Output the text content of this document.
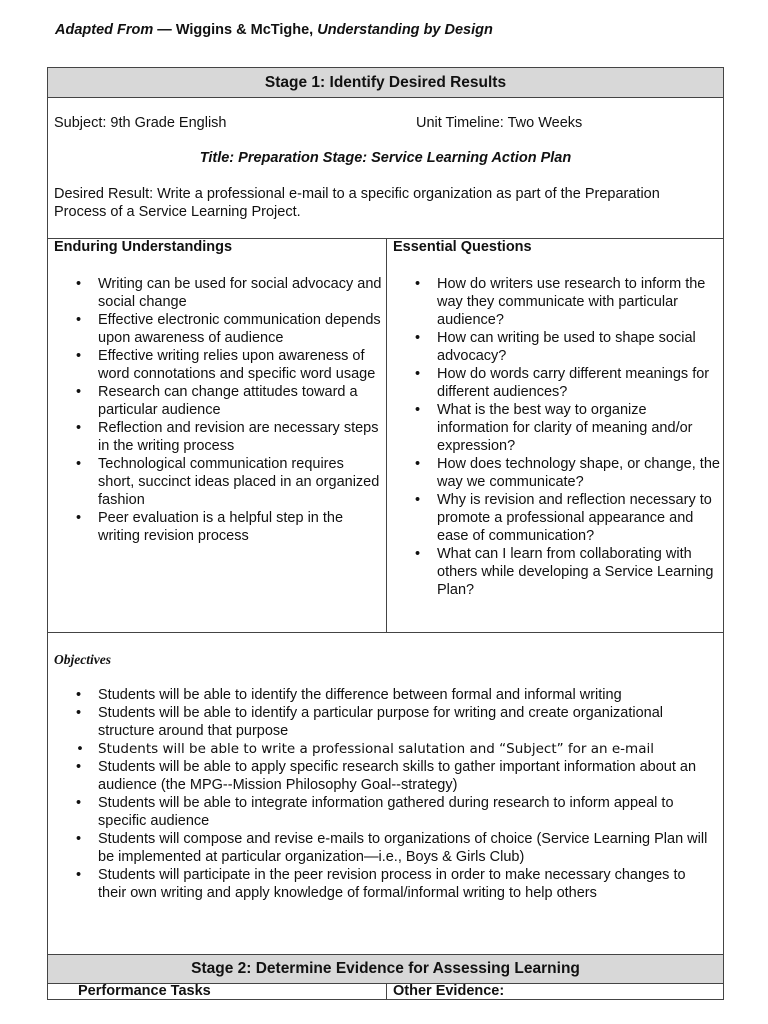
Adapted From — Wiggins & McTighe, Understanding by Design
Stage 1: Identify Desired Results
Subject: 9th Grade English	Unit Timeline: Two Weeks
Title: Preparation Stage: Service Learning Action Plan
Desired Result: Write a professional e-mail to a specific organization as part of the Preparation
Process of a Service Learning Project.
Enduring Understandings
• Writing can be used for social advocacy and social change
• Effective electronic communication depends upon awareness of audience
• Effective writing relies upon awareness of word connotations and specific word usage
• Research can change attitudes toward a particular audience
• Reflection and revision are necessary steps in the writing process
• Technological communication requires short, succinct ideas placed in an organized fashion
• Peer evaluation is a helpful step in the writing revision process
Essential Questions
• How do writers use research to inform the way they communicate with particular audience?
• How can writing be used to shape social advocacy?
• How do words carry different meanings for different audiences?
• What is the best way to organize information for clarity of meaning and/or expression?
• How does technology shape, or change, the way we communicate?
• Why is revision and reflection necessary to promote a professional appearance and ease of communication?
• What can I learn from collaborating with others while developing a Service Learning Plan?
Objectives
• Students will be able to identify the difference between formal and informal writing
• Students will be able to identify a particular purpose for writing and create organizational structure around that purpose
• Students will be able to write a professional salutation and “Subject” for an e-mail
• Students will be able to apply specific research skills to gather important information about an audience (the MPG--Mission Philosophy Goal--strategy)
• Students will be able to integrate information gathered during research to inform appeal to specific audience
• Students will compose and revise e-mails to organizations of choice (Service Learning Plan will be implemented at particular organization—i.e., Boys & Girls Club)
• Students will participate in the peer revision process in order to make necessary changes to their own writing and apply knowledge of formal/informal writing to help others
Stage 2: Determine Evidence for Assessing Learning
Performance Tasks	Other Evidence:
